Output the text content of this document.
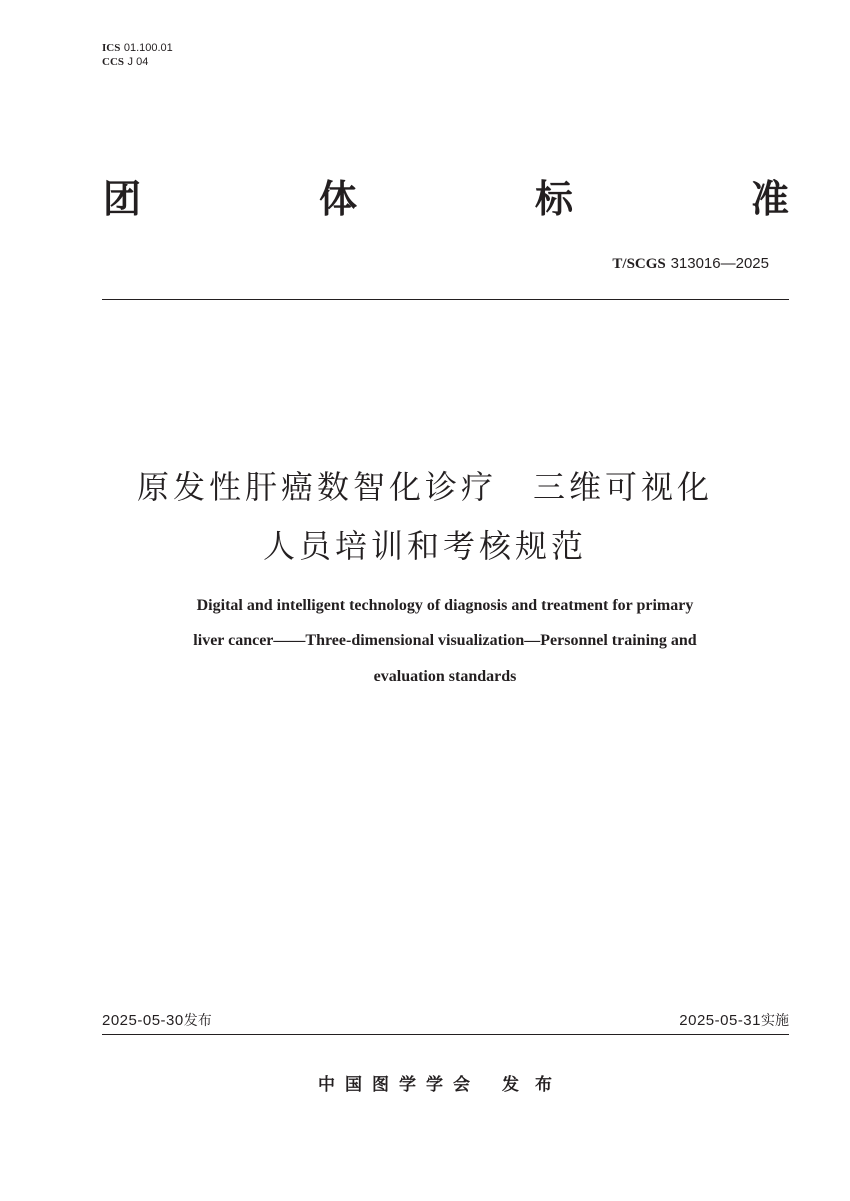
ICS 01.100.01
CCS J 04
团	体	标	准
T/SCGS 313016—2025
原发性肝癌数智化诊疗　三维可视化
人员培训和考核规范
Digital and intelligent technology of diagnosis and treatment for primary
liver cancer——Three-dimensional visualization—Personnel training and
evaluation standards
2025-05-30发布	2025-05-31实施
中国图学学会 发布
